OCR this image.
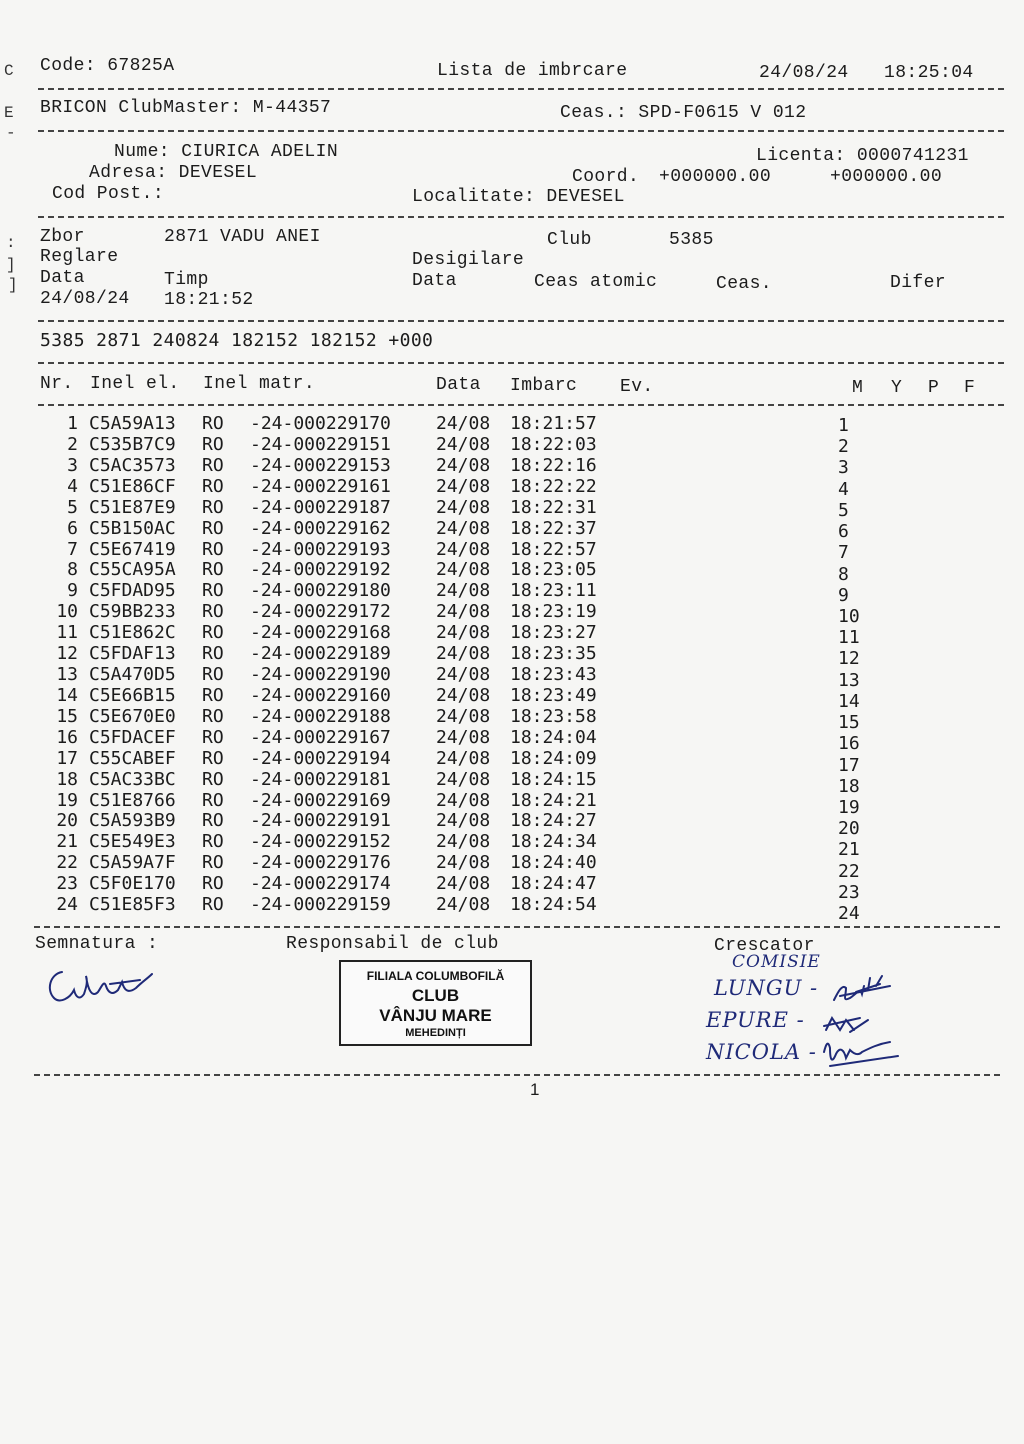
C
E
-
:
]
]
Code: 67825A	Lista de imbrcare	24/08/24 18:25:04
BRICON ClubMaster: M-44357	Ceas.: SPD-F0615 V 012
Nume: CIURICA ADELIN	Licenta: 0000741231
Adresa: DEVESEL	Coord. +000000.00	+000000.00
Cod Post.:	Localitate: DEVESEL
Zbor	2871 VADU ANEI	Club	5385
Reglare	Desigilare
Data	Timp	Data	Ceas atomic	Ceas.	Difer
24/08/24 18:21:52
5385 2871 240824 182152 182152 +000
Nr. Inel el. Inel matr.	Data Imbarc Ev.	M Y P F
1 C5A59A13 RO -24-000229170	24/08 18:21:57	1
2 C535B7C9 RO -24-000229151	24/08 18:22:03	2
3 C5AC3573 RO -24-000229153	24/08 18:22:16	3
4 C51E86CF RO -24-000229161	24/08 18:22:22	4
5 C51E87E9 RO -24-000229187	24/08 18:22:31	5
6 C5B150AC RO -24-000229162	24/08 18:22:37	6
7 C5E67419 RO -24-000229193	24/08 18:22:57	7
8 C55CA95A RO -24-000229192	24/08 18:23:05	8
9 C5FDAD95 RO -24-000229180	24/08 18:23:11	9
10 C59BB233 RO -24-000229172	24/08 18:23:19	10
11 C51E862C RO -24-000229168	24/08 18:23:27	11
12 C5FDAF13 RO -24-000229189	24/08 18:23:35	12
13 C5A470D5 RO -24-000229190	24/08 18:23:43	13
14 C5E66B15 RO -24-000229160	24/08 18:23:49	14
15 C5E670E0 RO -24-000229188	24/08 18:23:58	15
16 C5FDACEF RO -24-000229167	24/08 18:24:04	16
17 C55CABEF RO -24-000229194	24/08 18:24:09	17
18 C5AC33BC RO -24-000229181	24/08 18:24:15	18
19 C51E8766 RO -24-000229169	24/08 18:24:21	19
20 C5A593B9 RO -24-000229191	24/08 18:24:27	20
21 C5E549E3 RO -24-000229152	24/08 18:24:34	21
22 C5A59A7F RO -24-000229176	24/08 18:24:40	22
23 C5F0E170 RO -24-000229174	24/08 18:24:47	23
24 C51E85F3 RO -24-000229159	24/08 18:24:54	24
Semnatura :	Responsabil de club	Crescator
FILIALA COLUMBOFILĂ
CLUB
VÂNJU MARE
MEHEDINȚI
COMISIE
LUNGU -
EPURE -
NICOLA -
1
